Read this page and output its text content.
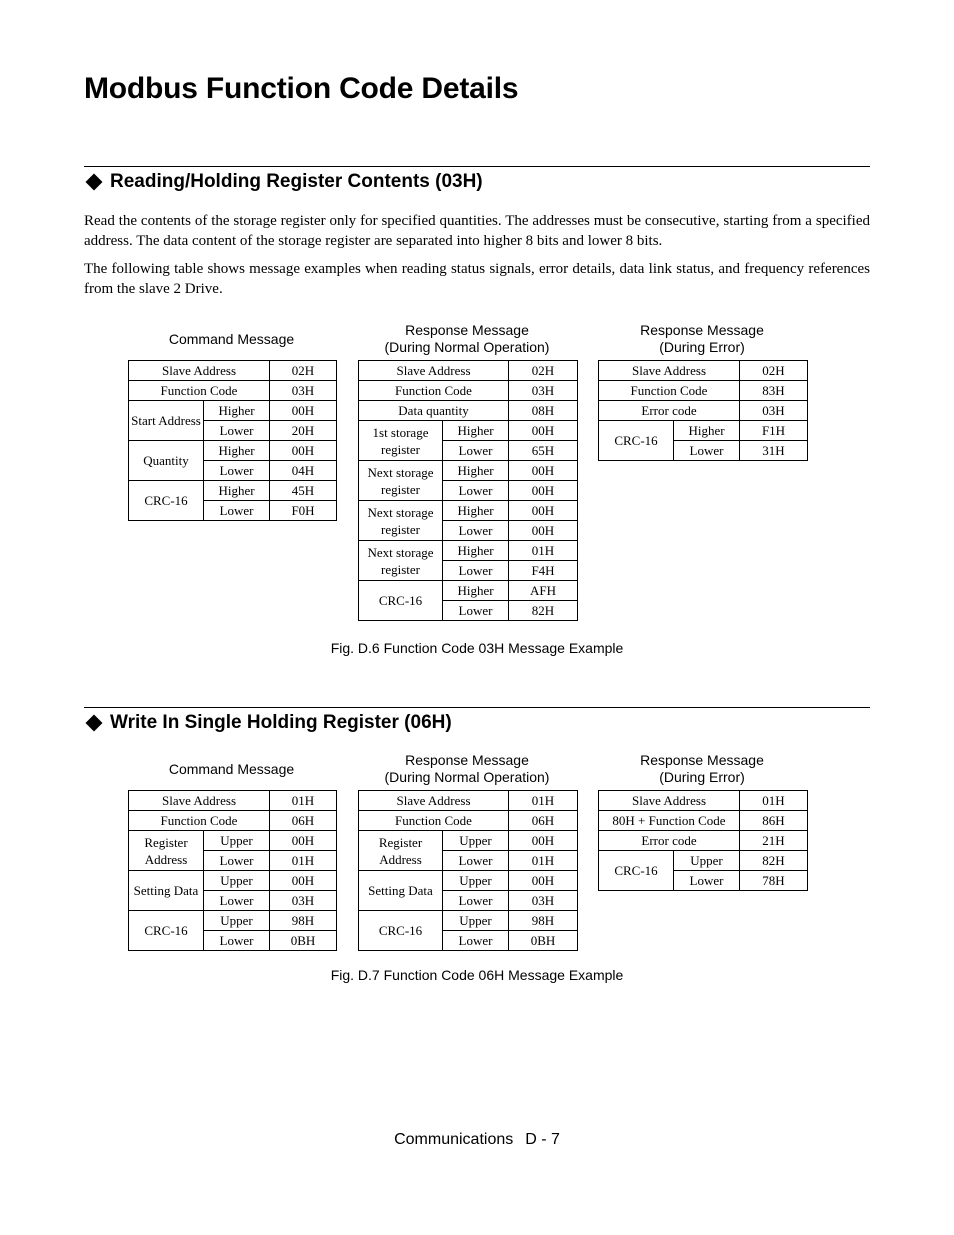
Modbus Function Code Details
Reading/Holding Register Contents (03H)

Read the contents of the storage register only for specified quantities. The addresses must be consecutive, starting from a specified address. The data content of the storage register are separated into higher 8 bits and lower 8 bits.

The following table shows message examples when reading status signals, error details, data link status, and frequency references from the slave 2 Drive.

Command Message
Response Message
(During Normal Operation)
Response Message
(During Error)
Slave Address		02H
Function Code		03H
Start Address	Higher	00H
	Lower	20H
Quantity	Higher	00H
	Lower	04H
CRC-16	Higher	45H
	Lower	F0H
Slave Address		02H
Function Code		03H
Data quantity		08H
1st storage register	Higher	00H
	Lower	65H
Next storage register	Higher	00H
	Lower	00H
Next storage register	Higher	00H
	Lower	00H
Next storage register	Higher	01H
	Lower	F4H
CRC-16	Higher	AFH
	Lower	82H
Slave Address		02H
Function Code		83H
Error code		03H
CRC-16	Higher	F1H
	Lower	31H
Fig. D.6 Function Code 03H Message Example
Write In Single Holding Register (06H)
Command Message
Response Message
(During Normal Operation)
Response Message
(During Error)
Slave Address		01H
Function Code		06H
Register Address	Upper	00H
	Lower	01H
Setting Data	Upper	00H
	Lower	03H
CRC-16	Upper	98H
	Lower	0BH
Slave Address		01H
Function Code		06H
Register Address	Upper	00H
	Lower	01H
Setting Data	Upper	00H
	Lower	03H
CRC-16	Upper	98H
	Lower	0BH
Slave Address		01H
80H + Function Code		86H
Error code		21H
CRC-16	Upper	82H
	Lower	78H
Fig. D.7 Function Code 06H Message Example
Communications D - 7
